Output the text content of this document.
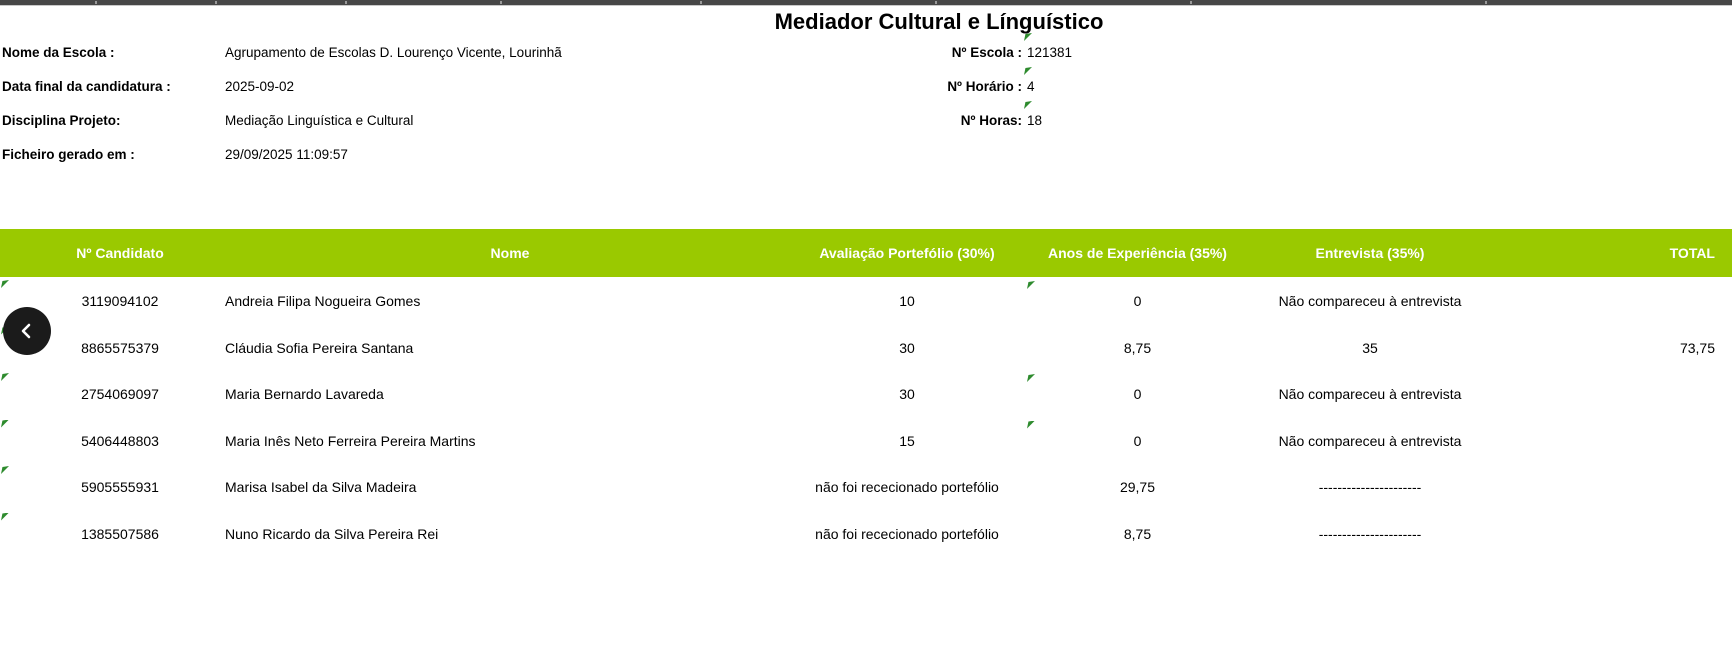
Mediador Cultural e Línguístico
Nome da Escola :	Agrupamento de Escolas D. Lourenço Vicente, Lourinhã
Data final da candidatura :	2025-09-02
Disciplina Projeto:	Mediação Linguística e Cultural
Ficheiro gerado em :	29/09/2025 11:09:57
Nº Escola : 121381
Nº Horário : 4
Nº Horas: 18
Nº Candidato	Nome	Avaliação Portefólio (30%)	Anos de Experiência (35%)	Entrevista (35%)	TOTAL
3119094102	Andreia Filipa Nogueira Gomes	10	0	Não compareceu à entrevista
8865575379	Cláudia Sofia Pereira Santana	30	8,75	35	73,75
2754069097	Maria Bernardo Lavareda	30	0	Não compareceu à entrevista
5406448803	Maria Inês Neto Ferreira Pereira Martins	15	0	Não compareceu à entrevista
5905555931	Marisa Isabel da Silva Madeira	não foi rececionado portefólio	29,75	----------------------
1385507586	Nuno Ricardo da Silva Pereira Rei	não foi rececionado portefólio	8,75	----------------------
